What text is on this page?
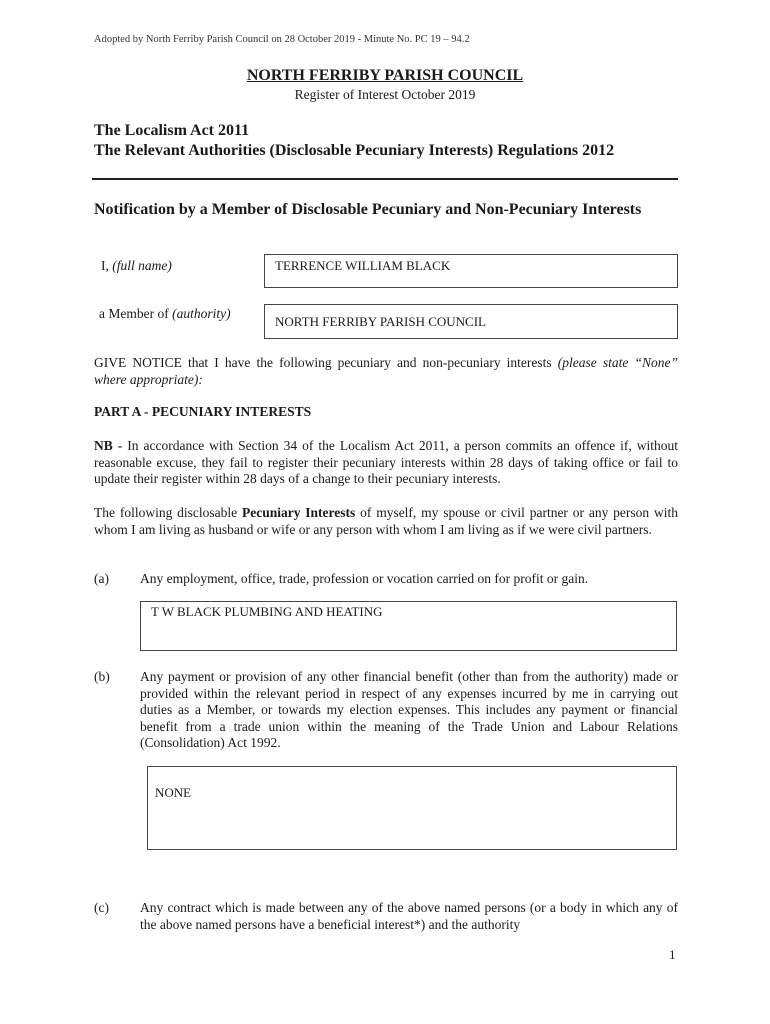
Adopted by North Ferriby Parish Council on 28 October 2019 - Minute No. PC 19 – 94.2
NORTH FERRIBY PARISH COUNCIL
Register of Interest October 2019
The Localism Act 2011
The Relevant Authorities (Disclosable Pecuniary Interests) Regulations 2012
Notification by a Member of Disclosable Pecuniary and Non-Pecuniary Interests
I, (full name)	TERRENCE WILLIAM BLACK
a Member of (authority)
NORTH FERRIBY PARISH COUNCIL
GIVE NOTICE that I have the following pecuniary and non-pecuniary interests (please state “None” where appropriate):
PART A - PECUNIARY INTERESTS
NB - In accordance with Section 34 of the Localism Act 2011, a person commits an offence if, without reasonable excuse, they fail to register their pecuniary interests within 28 days of taking office or fail to update their register within 28 days of a change to their pecuniary interests.
The following disclosable Pecuniary Interests of myself, my spouse or civil partner or any person with whom I am living as husband or wife or any person with whom I am living as if we were civil partners.
(a) Any employment, office, trade, profession or vocation carried on for profit or gain.
T W BLACK PLUMBING AND HEATING
(b) Any payment or provision of any other financial benefit (other than from the authority) made or provided within the relevant period in respect of any expenses incurred by me in carrying out duties as a Member, or towards my election expenses. This includes any payment or financial benefit from a trade union within the meaning of the Trade Union and Labour Relations (Consolidation) Act 1992.
NONE
(c) Any contract which is made between any of the above named persons (or a body in which any of the above named persons have a beneficial interest*) and the authority
1
